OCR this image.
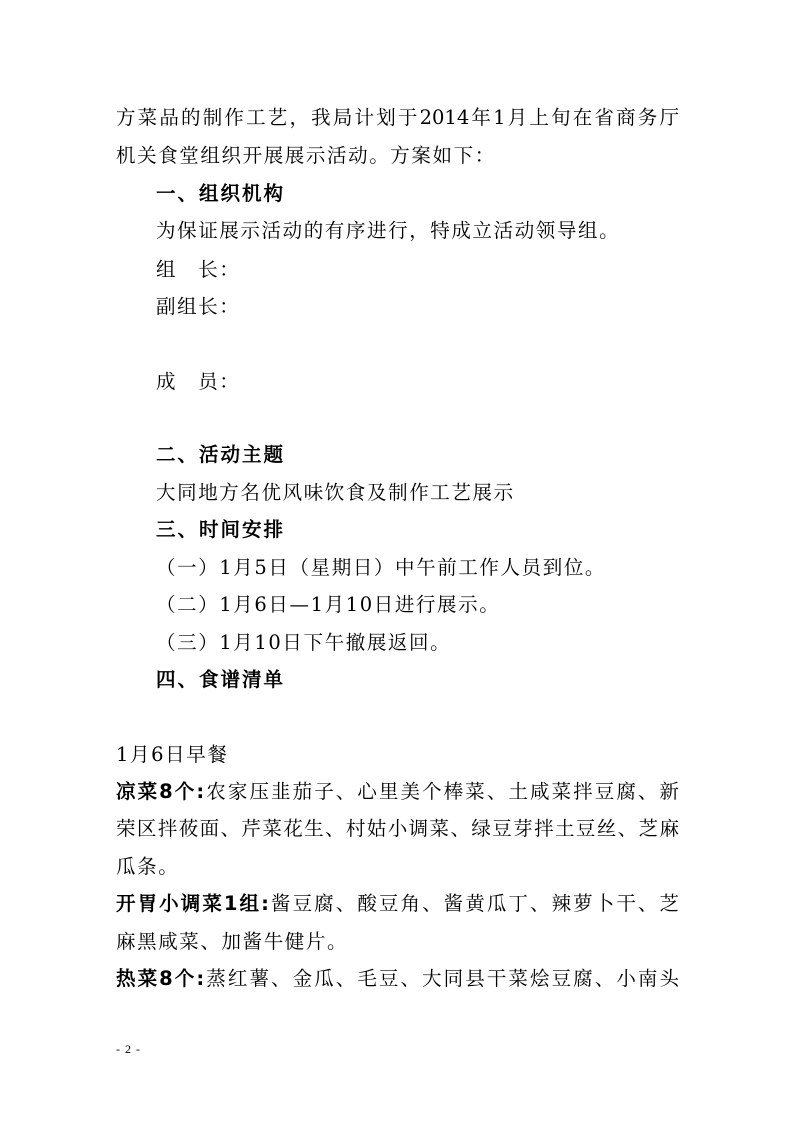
方菜品的制作工艺，我局计划于2014年1月上旬在省商务厅
机关食堂组织开展展示活动。方案如下：
一、组织机构
为保证展示活动的有序进行，特成立活动领导组。
组　长：
副组长：
成　员：
二、活动主题
大同地方名优风味饮食及制作工艺展示
三、时间安排
（一）1月5日（星期日）中午前工作人员到位。
（二）1月6日—1月10日进行展示。
（三）1月10日下午撤展返回。
四、食谱清单
1月6日早餐
凉菜8个:农家压韭茄子、心里美个棒菜、土咸菜拌豆腐、新
荣区拌莜面、芹菜花生、村姑小调菜、绿豆芽拌土豆丝、芝麻
瓜条。
开胃小调菜1组:酱豆腐、酸豆角、酱黄瓜丁、辣萝卜干、芝
麻黑咸菜、加酱牛健片。
热菜8个:蒸红薯、金瓜、毛豆、大同县干菜烩豆腐、小南头
- 2 -
